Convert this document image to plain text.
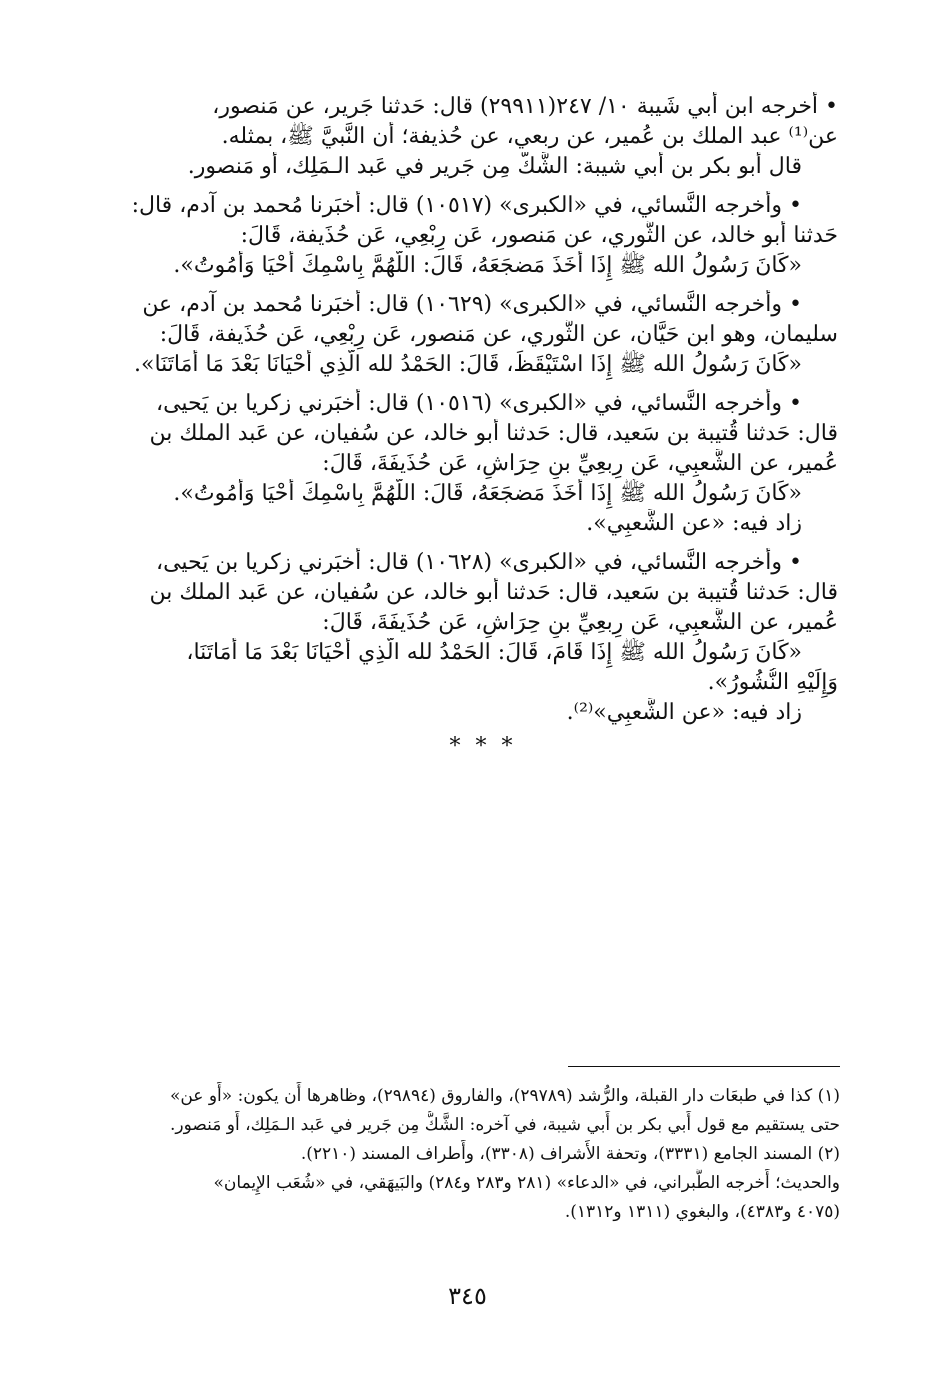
• أخرجه ابن أَبي شَيبة ١٠/ ٢٤٧(٢٩٩١١) قال: حَدثنا جَرير، عن مَنصور،

عن⁽¹⁾ عبد الملك بن عُمير، عن ربعي، عن حُذيفة؛ أَن النَّبيَّ ﷺ، بمثله.

قال أَبو بكر بن أَبي شيبة: الشَّكُّ مِن جَرير في عَبد الـمَلِك، أَو مَنصور.

• وأَخرجه النَّسائي، في «الكبرى» (١٠٥١٧) قال: أَخبَرنا مُحمد بن آدم، قال:

حَدثنا أَبو خالد، عن الثَّوري، عن مَنصور، عَن رِبْعِي، عَن حُذَيفة، قَالَ:

«كَانَ رَسُولُ الله ﷺ إِذَا أَخَذَ مَضجَعَهُ، قَالَ: اللَّهُمَّ بِاسْمِكَ أَحْيَا وَأَمُوتُ».

• وأَخرجه النَّسائي، في «الكبرى» (١٠٦٢٩) قال: أَخبَرنا مُحمد بن آدم، عن

سليمان، وهو ابن حَيَّان، عن الثَّوري، عن مَنصور، عَن رِبْعِي، عَن حُذَيفة، قَالَ:

«كَانَ رَسُولُ الله ﷺ إِذَا اسْتَيْقَظَ، قَالَ: الحَمْدُ لله الَّذِي أَحْيَانَا بَعْدَ مَا أَمَاتَنَا».

• وأَخرجه النَّسائي، في «الكبرى» (١٠٥١٦) قال: أَخبَرني زكريا بن يَحيى،

قال: حَدثنا قُتيبة بن سَعيد، قال: حَدثنا أَبو خالد، عن سُفيان، عن عَبد الملك بن

عُمير، عن الشَّعبِي، عَن رِبعِيِّ بنِ حِرَاشٍ، عَن حُذَيفَةَ، قَالَ:

«كَانَ رَسُولُ الله ﷺ إِذَا أَخَذَ مَضجَعَهُ، قَالَ: اللَّهُمَّ بِاسْمِكَ أَحْيَا وَأَمُوتُ».

زاد فيه: «عن الشَّعبِي».

• وأَخرجه النَّسائي، في «الكبرى» (١٠٦٢٨) قال: أَخبَرني زكريا بن يَحيى،

قال: حَدثنا قُتيبة بن سَعيد، قال: حَدثنا أَبو خالد، عن سُفيان، عن عَبد الملك بن

عُمير، عن الشَّعبِي، عَن رِبعِيِّ بنِ حِرَاشٍ، عَن حُذَيفَةَ، قَالَ:

«كَانَ رَسُولُ الله ﷺ إِذَا قَامَ، قَالَ: الحَمْدُ لله الَّذِي أَحْيَانَا بَعْدَ مَا أَمَاتَنَا،

وَإِلَيْهِ النُّشُورُ».

زاد فيه: «عن الشَّعبِي»⁽²⁾.

* * *

(١) كذا في طبعَات دار القبلة، والرُّشد (٢٩٧٨٩)، والفاروق (٢٩٨٩٤)، وظاهرها أَن يكون: «أَو عن»

حتى يستقيم مع قول أَبي بكر بن أَبي شيبة، في آخره: الشَّكُّ مِن جَرير في عَبد الـمَلِك، أَو مَنصور.

(٢) المسند الجامع (٣٣٣١)، وتحفة الأَشراف (٣٣٠٨)، وأَطراف المسند (٢٢١٠).

والحديث؛ أَخرجه الطَّبراني، في «الدعاء» (٢٨١ و٢٨٣ و٢٨٤) والبَيهَقي، في «شُعَب الإِيمان»

(٤٠٧٥ و٤٣٨٣)، والبغوي (١٣١١ و١٣١٢).

٣٤٥
